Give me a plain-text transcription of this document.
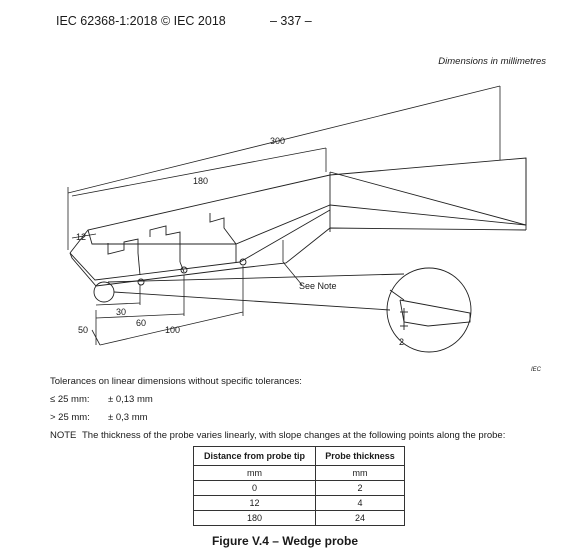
IEC 62368-1:2018 © IEC 2018	– 337 –
Dimensions in millimetres
300
180
12
30
60
100
50
2
See Note
IEC
Tolerances on linear dimensions without specific tolerances:
≤ 25 mm: ± 0,13 mm
> 25 mm: ± 0,3 mm
NOTE The thickness of the probe varies linearly, with slope changes at the following points along the probe:
Distance from probe tip	Probe thickness
mm	mm
0	2
12	4
180	24
Figure V.4 – Wedge probe
